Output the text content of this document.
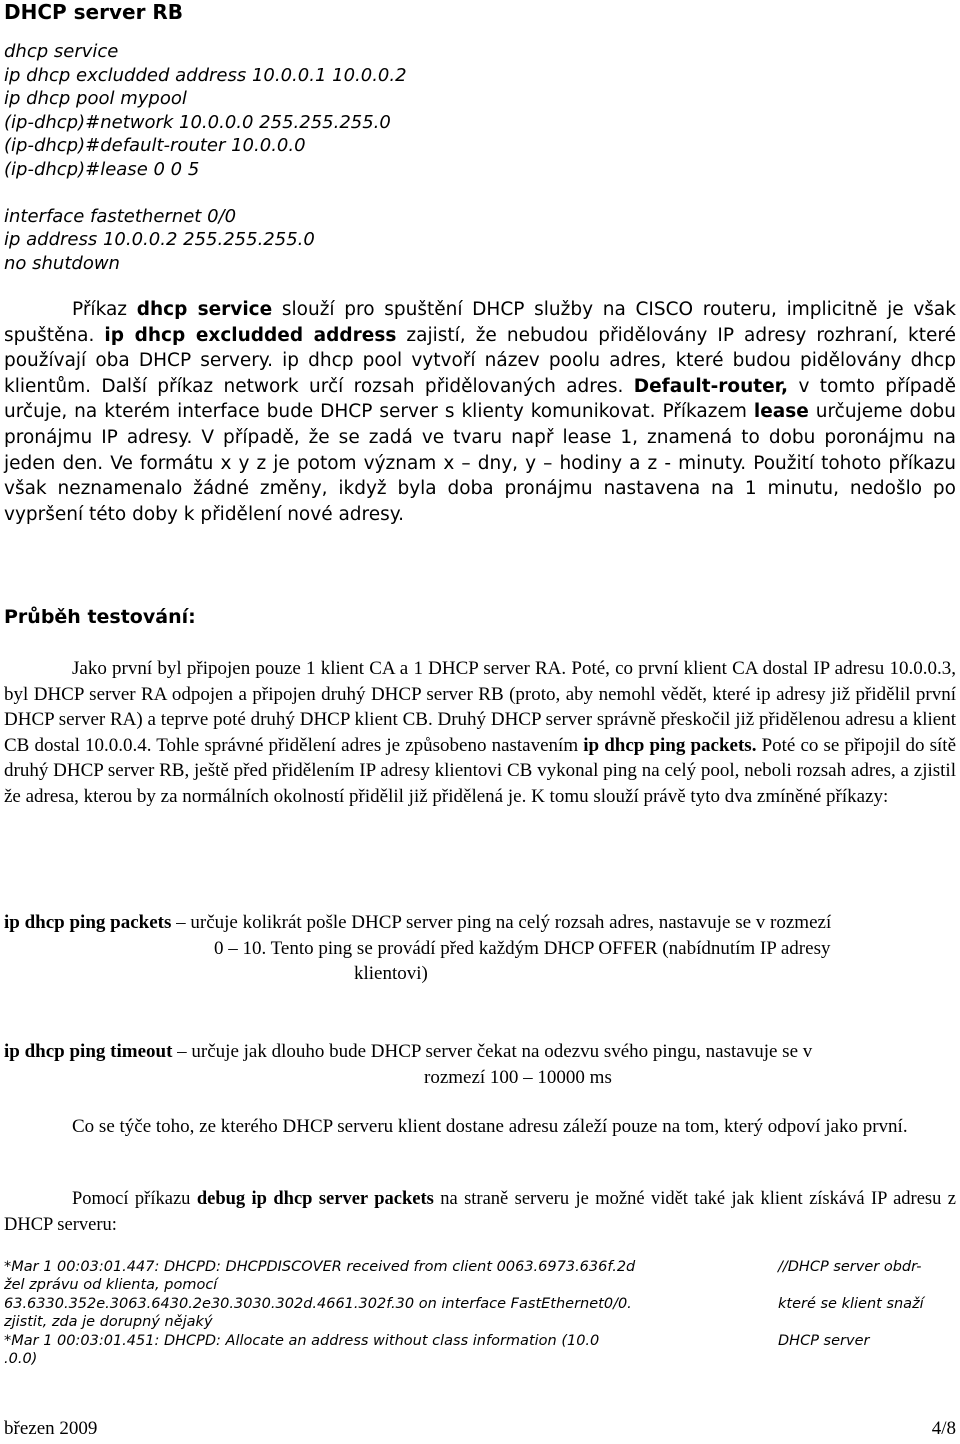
DHCP server RB
dhcp service
ip dhcp excludded address 10.0.0.1 10.0.0.2
ip dhcp pool mypool
(ip-dhcp)#network 10.0.0.0 255.255.255.0
(ip-dhcp)#default-router 10.0.0.0
(ip-dhcp)#lease 0 0 5
interface fastethernet 0/0
ip address 10.0.0.2 255.255.255.0
no shutdown
Příkaz dhcp service slouží pro spuštění DHCP služby na CISCO routeru, implicitně je však spuštěna. ip dhcp excludded address zajistí, že nebudou přidělovány IP adresy rozhraní, které používají oba DHCP servery. ip dhcp pool vytvoří název poolu adres, které budou pidělovány dhcp klientům. Další příkaz network určí rozsah přidělovaných adres. Default-router, v tomto případě určuje, na kterém interface bude DHCP server s klienty komunikovat. Příkazem lease určujeme dobu pronájmu IP adresy. V případě, že se zadá ve tvaru např lease 1, znamená to dobu poronájmu na jeden den. Ve formátu x y z je potom význam x – dny, y – hodiny a z - minuty. Použití tohoto příkazu však neznamenalo žádné změny, ikdyž byla doba pronájmu nastavena na 1 minutu, nedošlo po vypršení této doby k přidělení nové adresy.
Průběh testování:
Jako první byl připojen pouze 1 klient CA a 1 DHCP server RA. Poté, co první klient CA dostal IP adresu 10.0.0.3, byl DHCP server RA odpojen a připojen druhý DHCP server RB (proto, aby nemohl vědět, které ip adresy již přidělil první DHCP server RA) a teprve poté druhý DHCP klient CB. Druhý DHCP server správně přeskočil již přidělenou adresu a klient CB dostal 10.0.0.4. Tohle správné přidělení adres je způsobeno nastavením ip dhcp ping packets. Poté co se připojil do sítě druhý DHCP server RB, ještě před přidělením IP adresy klientovi CB vykonal ping na celý pool, neboli rozsah adres, a zjistil že adresa, kterou by za normálních okolností přidělil již přidělená je. K tomu slouží právě tyto dva zmíněné příkazy:
ip dhcp ping packets – určuje kolikrát pošle DHCP server ping na celý rozsah adres, nastavuje se v rozmezí
0 – 10. Tento ping se provádí před každým DHCP OFFER (nabídnutím IP adresy
klientovi)
ip dhcp ping timeout – určuje jak dlouho bude DHCP server čekat na odezvu svého pingu, nastavuje se v
rozmezí 100 – 10000 ms
Co se týče toho, ze kterého DHCP serveru klient dostane adresu záleží pouze na tom, který odpoví jako první.
Pomocí příkazu debug ip dhcp server packets na straně serveru je možné vidět také jak klient získává IP adresu z DHCP serveru:
*Mar 1 00:03:01.447: DHCPD: DHCPDISCOVER received from client 0063.6973.636f.2d
žel zprávu od klienta, pomocí
63.6330.352e.3063.6430.2e30.3030.302d.4661.302f.30 on interface FastEthernet0/0.
zjistit, zda je dorupný nějaký
*Mar 1 00:03:01.451: DHCPD: Allocate an address without class information (10.0
.0.0)
//DHCP server obdr-
které se klient snaží
DHCP server
březen 2009	4/8
